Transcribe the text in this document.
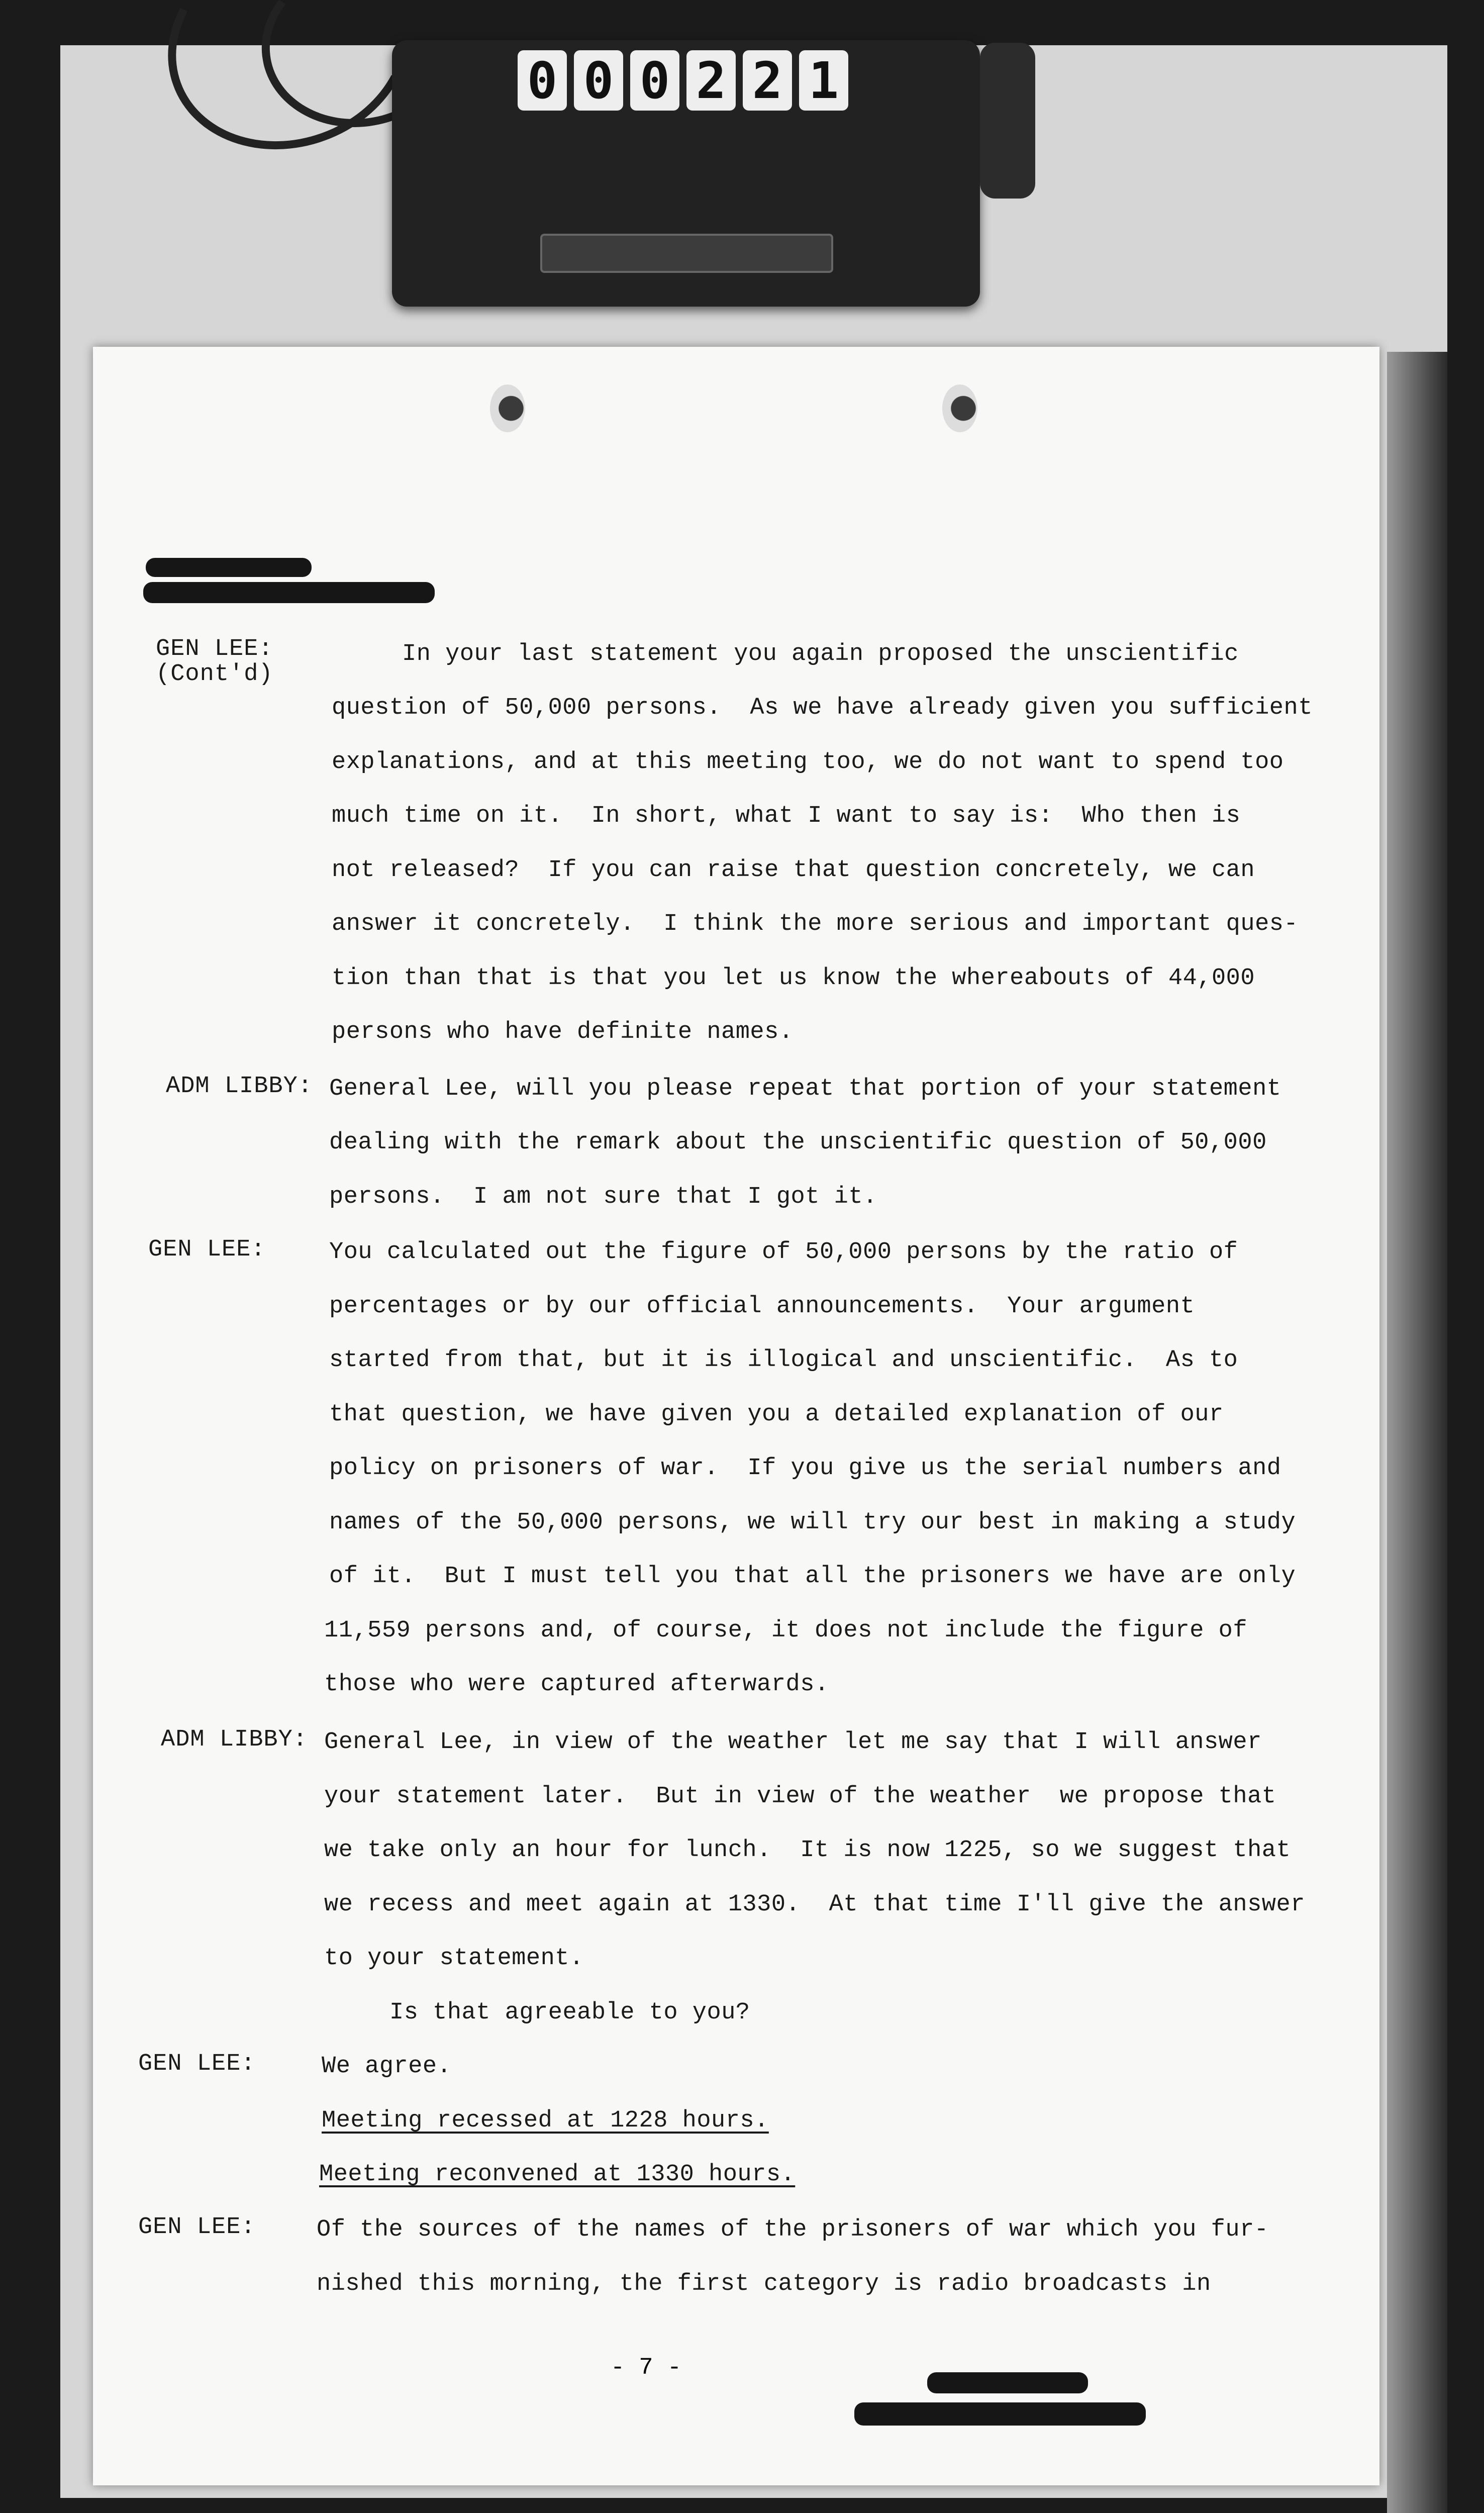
0 0 0 2 2 1
GEN LEE:
(Cont'd)
In your last statement you again proposed the unscientific
question of 50,000 persons.  As we have already given you sufficient
explanations, and at this meeting too, we do not want to spend too
much time on it.  In short, what I want to say is:  Who then is
not released?  If you can raise that question concretely, we can
answer it concretely.  I think the more serious and important ques-
tion than that is that you let us know the whereabouts of 44,000
persons who have definite names.
ADM LIBBY: General Lee, will you please repeat that portion of your statement
dealing with the remark about the unscientific question of 50,000
persons.  I am not sure that I got it.
GEN LEE:	You calculated out the figure of 50,000 persons by the ratio of
percentages or by our official announcements.  Your argument
started from that, but it is illogical and unscientific.  As to
that question, we have given you a detailed explanation of our
policy on prisoners of war.  If you give us the serial numbers and
names of the 50,000 persons, we will try our best in making a study
of it.  But I must tell you that all the prisoners we have are only
11,559 persons and, of course, it does not include the figure of
those who were captured afterwards.
ADM LIBBY: General Lee, in view of the weather let me say that I will answer
your statement later.  But in view of the weather  we propose that
we take only an hour for lunch.  It is now 1225, so we suggest that
we recess and meet again at 1330.  At that time I'll give the answer
to your statement.
Is that agreeable to you?
GEN LEE:	We agree.
Meeting recessed at 1228 hours.
Meeting reconvened at 1330 hours.
GEN LEE:	Of the sources of the names of the prisoners of war which you fur-
nished this morning, the first category is radio broadcasts in
- 7 -
